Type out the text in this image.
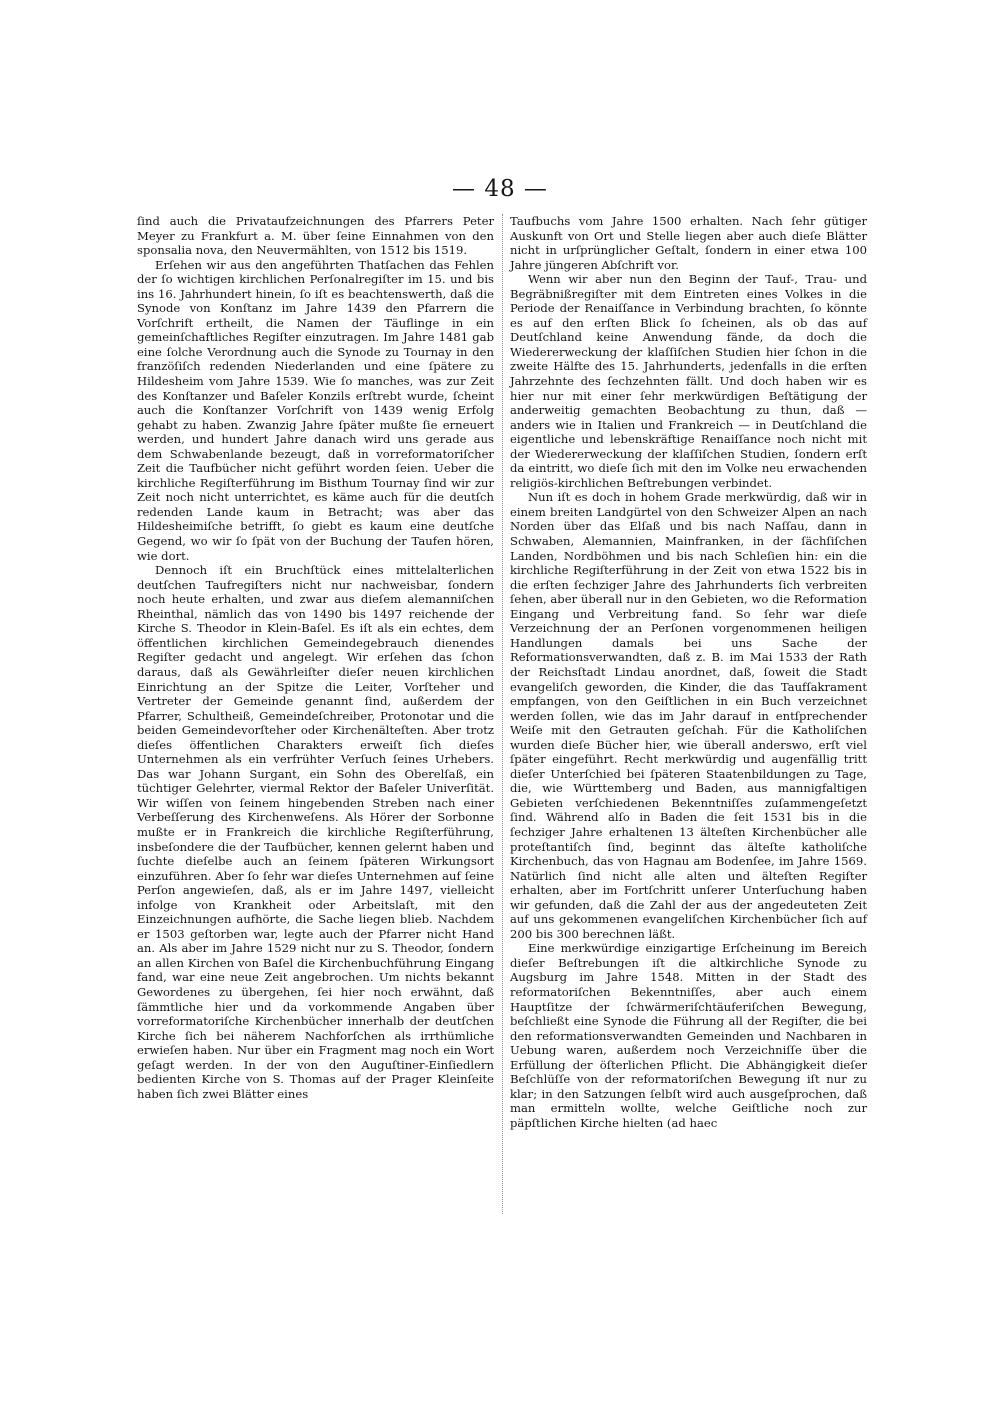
— 48 —

ſind auch die Privataufzeichnungen des Pfarrers Peter Meyer zu Frankfurt a. M. über ſeine Einnahmen von den sponsalia nova, den Neuvermählten, von 1512 bis 1519.

Erſehen wir aus den angeführten Thatſachen das Fehlen der ſo wichtigen kirchlichen Perſonalregiſter im 15. und bis ins 16. Jahrhundert hinein, ſo iſt es beachtenswerth, daß die Synode von Konſtanz im Jahre 1439 den Pfarrern die Vorſchrift ertheilt, die Namen der Täuflinge in ein gemeinſchaftliches Regiſter einzutragen. Im Jahre 1481 gab eine ſolche Verordnung auch die Synode zu Tournay in den franzöſiſch redenden Niederlanden und eine ſpätere zu Hildesheim vom Jahre 1539. Wie ſo manches, was zur Zeit des Konſtanzer und Baſeler Konzils erſtrebt wurde, ſcheint auch die Konſtanzer Vorſchrift von 1439 wenig Erfolg gehabt zu haben. Zwanzig Jahre ſpäter mußte ſie erneuert werden, und hundert Jahre danach wird uns gerade aus dem Schwabenlande bezeugt, daß in vorreformatoriſcher Zeit die Taufbücher nicht geführt worden ſeien. Ueber die kirchliche Regiſterführung im Bisthum Tournay ſind wir zur Zeit noch nicht unterrichtet, es käme auch für die deutſch redenden Lande kaum in Betracht; was aber das Hildesheimiſche betrifft, ſo giebt es kaum eine deutſche Gegend, wo wir ſo ſpät von der Buchung der Taufen hören, wie dort.

Dennoch iſt ein Bruchſtück eines mittelalterlichen deutſchen Taufregiſters nicht nur nachweisbar, ſondern noch heute erhalten, und zwar aus dieſem alemanniſchen Rheinthal, nämlich das von 1490 bis 1497 reichende der Kirche S. Theodor in Klein-Baſel. Es iſt als ein echtes, dem öffentlichen kirchlichen Gemeindegebrauch dienendes Regiſter gedacht und angelegt. Wir erſehen das ſchon daraus, daß als Gewährleiſter dieſer neuen kirchlichen Einrichtung an der Spitze die Leiter, Vorſteher und Vertreter der Gemeinde genannt ſind, außerdem der Pfarrer, Schultheiß, Gemeindeſchreiber, Protonotar und die beiden Gemeindevorſteher oder Kirchenälteſten. Aber trotz dieſes öffentlichen Charakters erweiſt ſich dieſes Unternehmen als ein verfrühter Verſuch ſeines Urhebers. Das war Johann Surgant, ein Sohn des Oberelſaß, ein tüchtiger Gelehrter, viermal Rektor der Baſeler Univerſität. Wir wiſſen von ſeinem hingebenden Streben nach einer Verbeſſerung des Kirchenweſens. Als Hörer der Sorbonne mußte er in Frankreich die kirchliche Regiſterführung, insbeſondere die der Taufbücher, kennen gelernt haben und ſuchte dieſelbe auch an ſeinem ſpäteren Wirkungsort einzuführen. Aber ſo ſehr war dieſes Unternehmen auf ſeine Perſon angewieſen, daß, als er im Jahre 1497, vielleicht infolge von Krankheit oder Arbeitslaſt, mit den Einzeichnungen aufhörte, die Sache liegen blieb. Nachdem er 1503 geſtorben war, legte auch der Pfarrer nicht Hand an. Als aber im Jahre 1529 nicht nur zu S. Theodor, ſondern an allen Kirchen von Baſel die Kirchenbuchführung Eingang fand, war eine neue Zeit angebrochen. Um nichts bekannt Gewordenes zu übergehen, ſei hier noch erwähnt, daß ſämmtliche hier und da vorkommende Angaben über vorreformatoriſche Kirchenbücher innerhalb der deutſchen Kirche ſich bei näherem Nachforſchen als irrthümliche erwieſen haben. Nur über ein Fragment mag noch ein Wort geſagt werden. In der von den Auguſtiner-Einſiedlern bedienten Kirche von S. Thomas auf der Prager Kleinſeite haben ſich zwei Blätter eines

Taufbuchs vom Jahre 1500 erhalten. Nach ſehr gütiger Auskunft von Ort und Stelle liegen aber auch dieſe Blätter nicht in urſprünglicher Geſtalt, ſondern in einer etwa 100 Jahre jüngeren Abſchrift vor.

Wenn wir aber nun den Beginn der Tauf-, Trau- und Begräbnißregiſter mit dem Eintreten eines Volkes in die Periode der Renaiſſance in Verbindung brachten, ſo könnte es auf den erſten Blick ſo ſcheinen, als ob das auf Deutſchland keine Anwendung fände, da doch die Wiedererweckung der klaſſiſchen Studien hier ſchon in die zweite Hälfte des 15. Jahrhunderts, jedenfalls in die erſten Jahrzehnte des ſechzehnten fällt. Und doch haben wir es hier nur mit einer ſehr merkwürdigen Beſtätigung der anderweitig gemachten Beobachtung zu thun, daß — anders wie in Italien und Frankreich — in Deutſchland die eigentliche und lebenskräftige Renaiſſance noch nicht mit der Wiedererweckung der klaſſiſchen Studien, ſondern erſt da eintritt, wo dieſe ſich mit den im Volke neu erwachenden religiös-kirchlichen Beſtrebungen verbindet.

Nun iſt es doch in hohem Grade merkwürdig, daß wir in einem breiten Landgürtel von den Schweizer Alpen an nach Norden über das Elſaß und bis nach Naſſau, dann in Schwaben, Alemannien, Mainfranken, in der ſächſiſchen Landen, Nordböhmen und bis nach Schleſien hin: ein die kirchliche Regiſterführung in der Zeit von etwa 1522 bis in die erſten ſechziger Jahre des Jahrhunderts ſich verbreiten ſehen, aber überall nur in den Gebieten, wo die Reformation Eingang und Verbreitung fand. So ſehr war dieſe Verzeichnung der an Perſonen vorgenommenen heiligen Handlungen damals bei uns Sache der Reformationsverwandten, daß z. B. im Mai 1533 der Rath der Reichsſtadt Lindau anordnet, daß, ſoweit die Stadt evangeliſch geworden, die Kinder, die das Taufſakrament empfangen, von den Geiſtlichen in ein Buch verzeichnet werden ſollen, wie das im Jahr darauf in entſprechender Weiſe mit den Getrauten geſchah. Für die Katholiſchen wurden dieſe Bücher hier, wie überall anderswo, erſt viel ſpäter eingeführt. Recht merkwürdig und augenfällig tritt dieſer Unterſchied bei ſpäteren Staatenbildungen zu Tage, die, wie Württemberg und Baden, aus mannigfaltigen Gebieten verſchiedenen Bekenntniſſes zuſammengeſetzt ſind. Während alſo in Baden die ſeit 1531 bis in die ſechziger Jahre erhaltenen 13 älteſten Kirchenbücher alle proteſtantiſch ſind, beginnt das älteſte katholiſche Kirchenbuch, das von Hagnau am Bodenſee, im Jahre 1569. Natürlich ſind nicht alle alten und älteſten Regiſter erhalten, aber im Fortſchritt unſerer Unterſuchung haben wir gefunden, daß die Zahl der aus der angedeuteten Zeit auf uns gekommenen evangeliſchen Kirchenbücher ſich auf 200 bis 300 berechnen läßt.

Eine merkwürdige einzigartige Erſcheinung im Bereich dieſer Beſtrebungen iſt die altkirchliche Synode zu Augsburg im Jahre 1548. Mitten in der Stadt des reformatoriſchen Bekenntniſſes, aber auch einem Hauptſitze der ſchwärmeriſchtäuferiſchen Bewegung, beſchließt eine Synode die Führung all der Regiſter, die bei den reformationsverwandten Gemeinden und Nachbaren in Uebung waren, außerdem noch Verzeichniſſe über die Erfüllung der öſterlichen Pflicht. Die Abhängigkeit dieſer Beſchlüſſe von der reformatoriſchen Bewegung iſt nur zu klar; in den Satzungen ſelbſt wird auch ausgeſprochen, daß man ermitteln wollte, welche Geiſtliche noch zur päpſtlichen Kirche hielten (ad haec
